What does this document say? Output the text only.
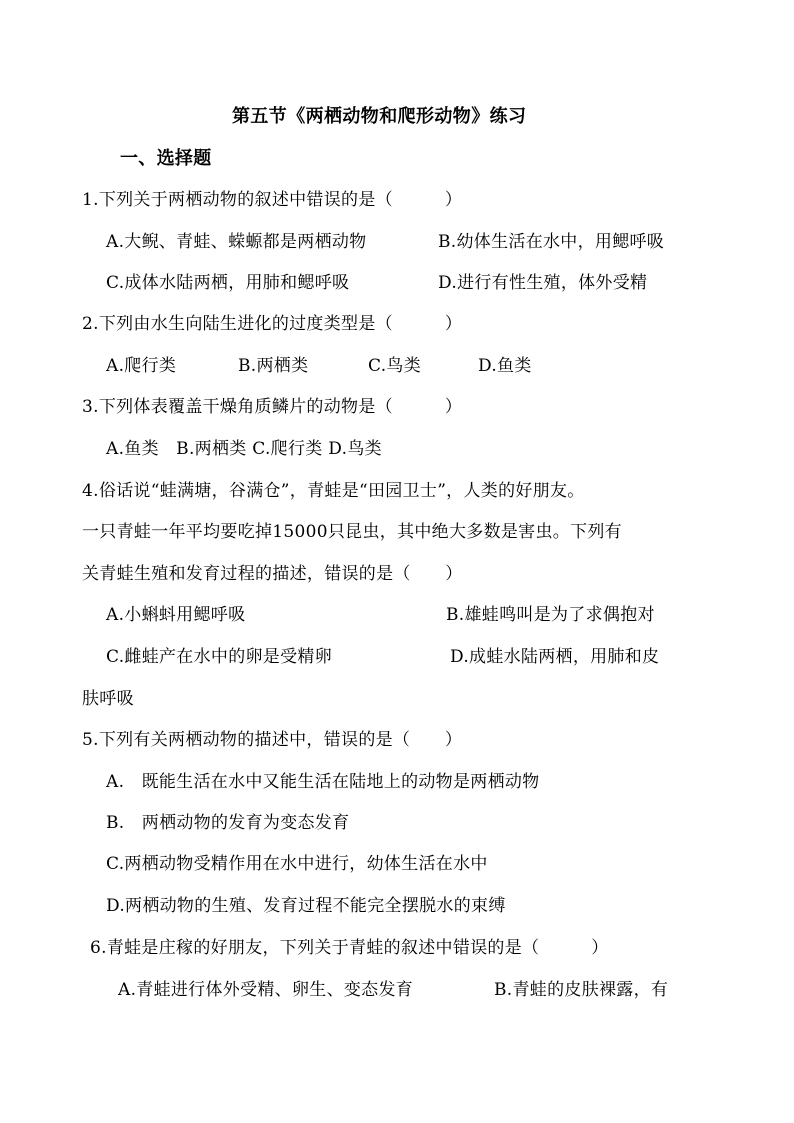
第五节《两栖动物和爬形动物》练习
一、选择题
1.下列关于两栖动物的叙述中错误的是（　　　）
A.大鲵、青蛙、蝾螈都是两栖动物	B.幼体生活在水中，用鳃呼吸
C.成体水陆两栖，用肺和鳃呼吸	D.进行有性生殖，体外受精
2.下列由水生向陆生进化的过度类型是（　　　）
A.爬行类	B.两栖类	C.鸟类	D.鱼类
3.下列体表覆盖干燥角质鳞片的动物是（　　　）
A.鱼类　B.两栖类 C.爬行类 D.鸟类
4.俗话说“蛙满塘，谷满仓”，青蛙是“田园卫士”，人类的好朋友。
一只青蛙一年平均要吃掉15000只昆虫，其中绝大多数是害虫。下列有
关青蛙生殖和发育过程的描述，错误的是（　　）
A.小蝌蚪用鳃呼吸	B.雄蛙鸣叫是为了求偶抱对
C.雌蛙产在水中的卵是受精卵	D.成蛙水陆两栖，用肺和皮
肤呼吸
5.下列有关两栖动物的描述中，错误的是（　　）
A.　既能生活在水中又能生活在陆地上的动物是两栖动物
B.　两栖动物的发育为变态发育
C.两栖动物受精作用在水中进行，幼体生活在水中
D.两栖动物的生殖、发育过程不能完全摆脱水的束缚
6.青蛙是庄稼的好朋友，下列关于青蛙的叙述中错误的是（　　　）
A.青蛙进行体外受精、卵生、变态发育	B.青蛙的皮肤裸露，有
